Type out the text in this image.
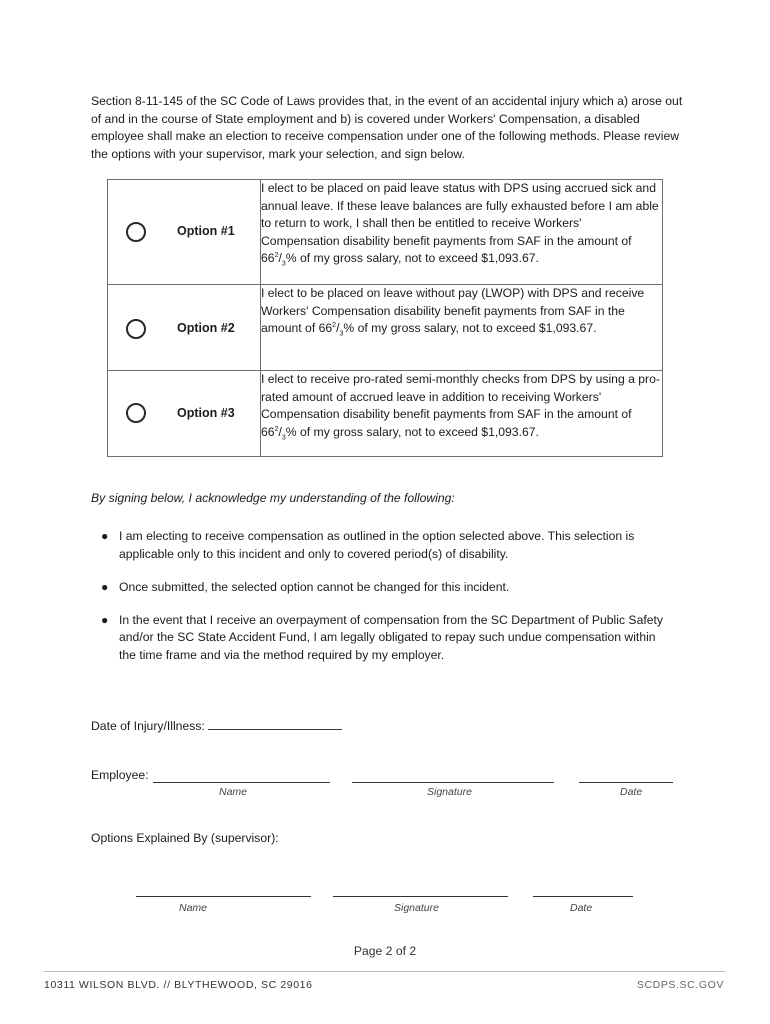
Section 8-11-145 of the SC Code of Laws provides that, in the event of an accidental injury which a) arose out of and in the course of State employment and b) is covered under Workers' Compensation, a disabled employee shall make an election to receive compensation under one of the following methods. Please review the options with your supervisor, mark your selection, and sign below.

Option #1	I elect to be placed on paid leave status with DPS using accrued sick and annual leave. If these leave balances are fully exhausted before I am able to return to work, I shall then be entitled to receive Workers' Compensation disability benefit payments from SAF in the amount of $66^2/_3\%$ of my gross salary, not to exceed $1,093.67.

Option #2	I elect to be placed on leave without pay (LWOP) with DPS and receive Workers' Compensation disability benefit payments from SAF in the amount of $66^2/_3\%$ of my gross salary, not to exceed $1,093.67.

Option #3	I elect to receive pro-rated semi-monthly checks from DPS by using a pro-rated amount of accrued leave in addition to receiving Workers' Compensation disability benefit payments from SAF in the amount of $66^2/_3\%$ of my gross salary, not to exceed $1,093.67.

By signing below, I acknowledge my understanding of the following:

● I am electing to receive compensation as outlined in the option selected above. This selection is applicable only to this incident and only to covered period(s) of disability.
● Once submitted, the selected option cannot be changed for this incident.
● In the event that I receive an overpayment of compensation from the SC Department of Public Safety and/or the SC State Accident Fund, I am legally obligated to repay such undue compensation within the time frame and via the method required by my employer.
Date of Injury/Illness:
Employee:
Name	Signature	Date
Options Explained By (supervisor):
Name	Signature	Date
Page 2 of 2
10311 WILSON BLVD. // BLYTHEWOOD, SC 29016	SCDPS.SC.GOV
